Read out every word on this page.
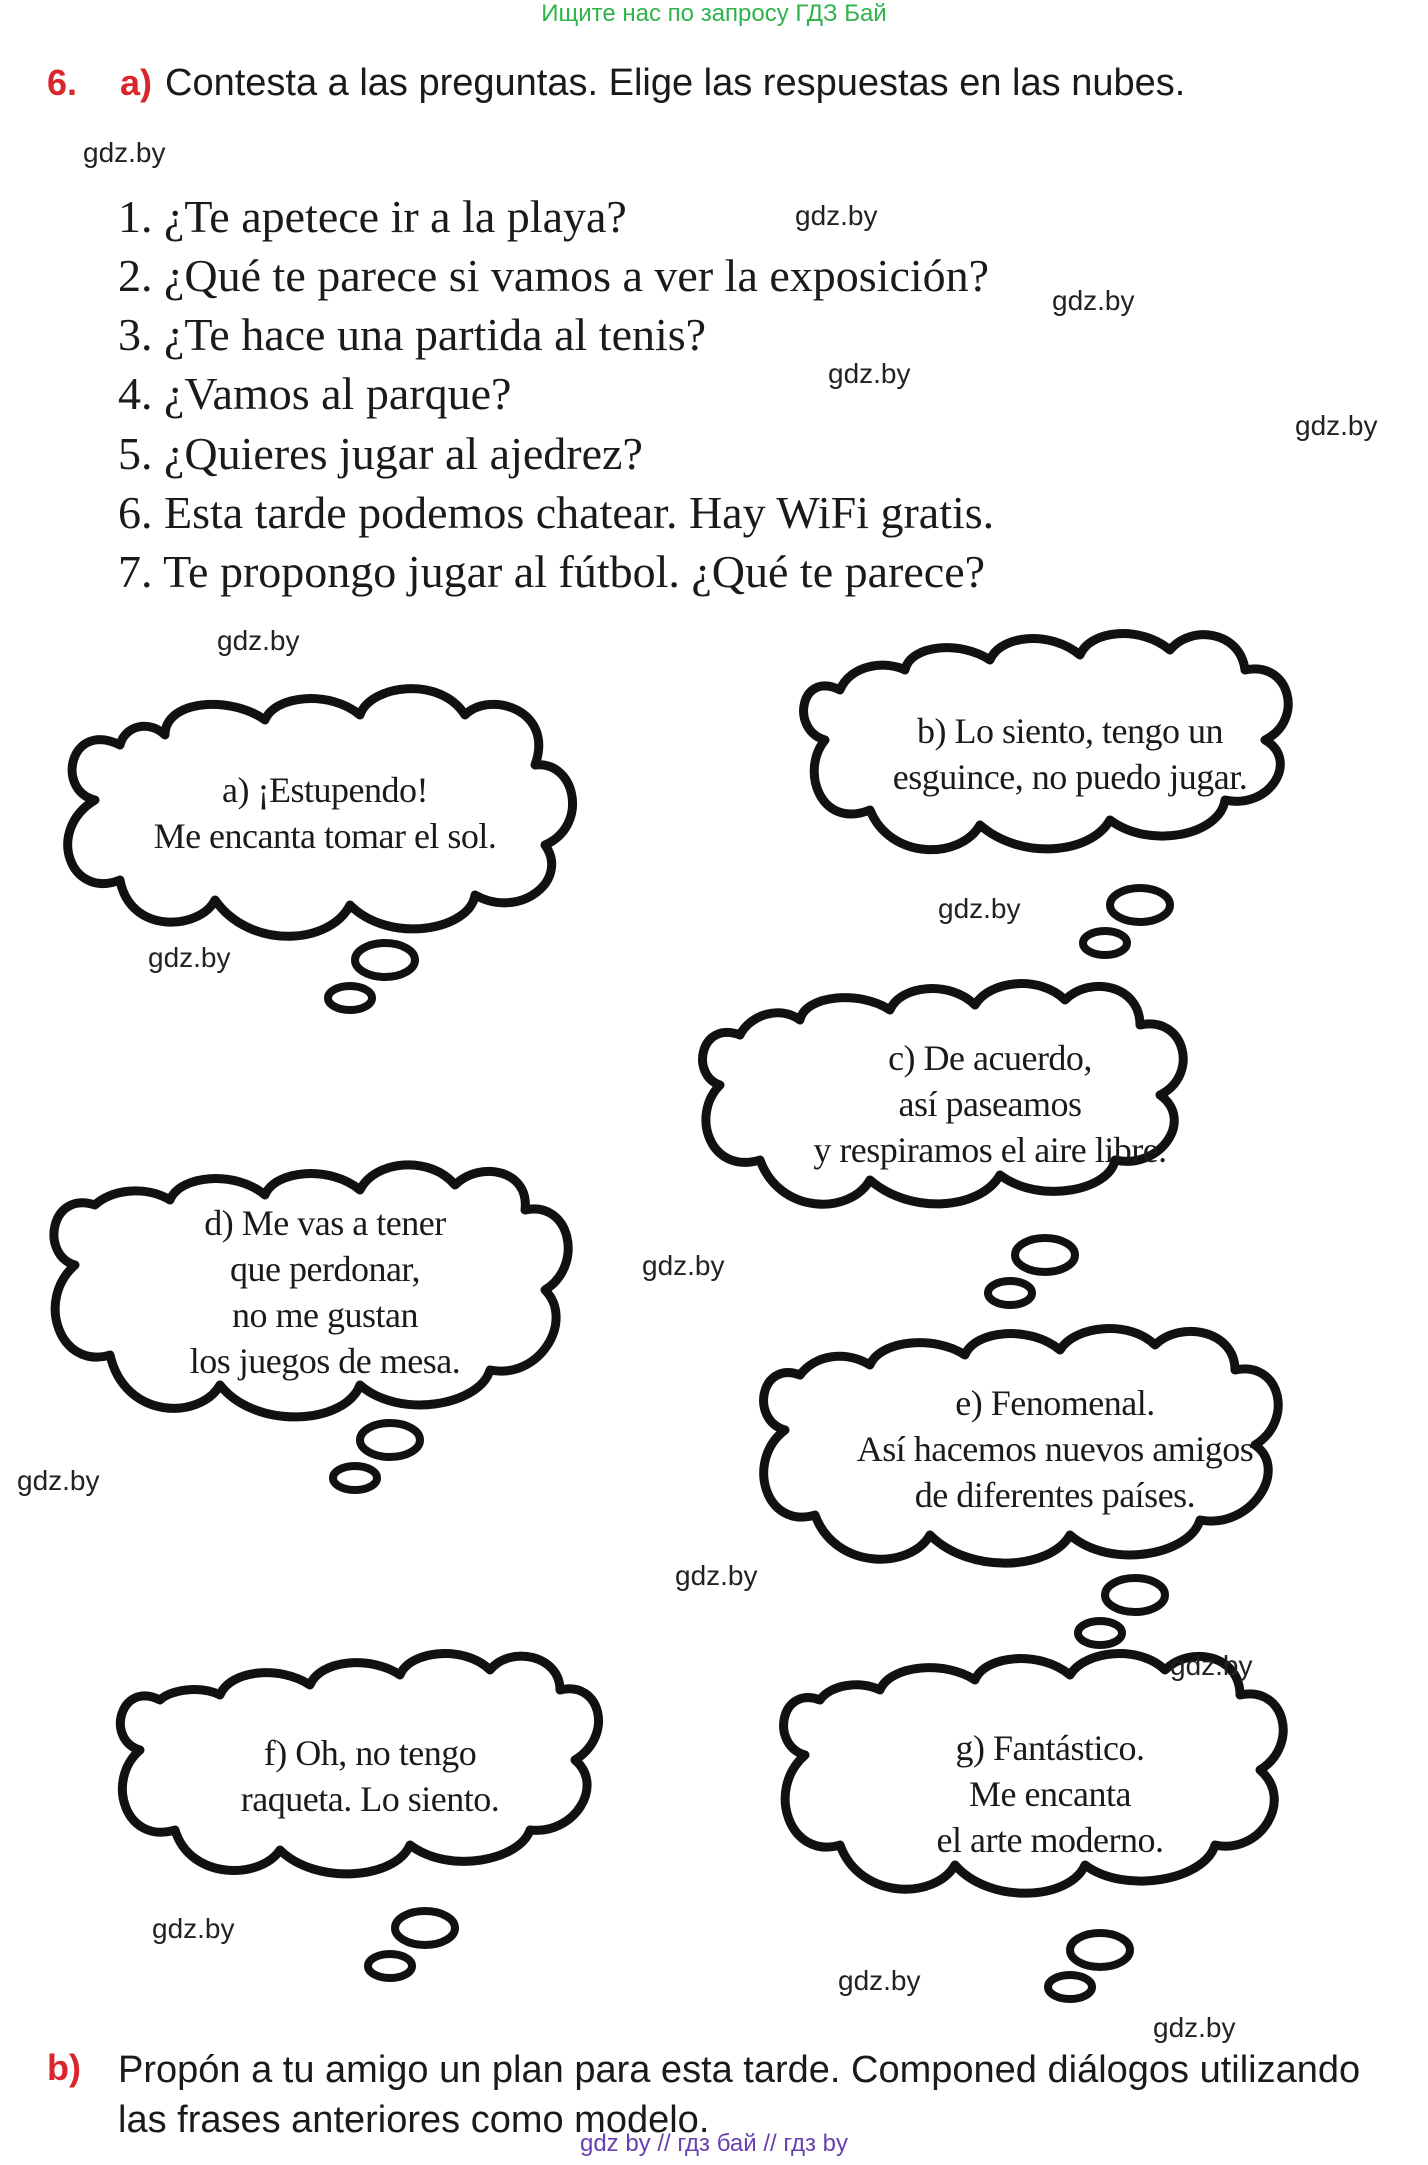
Ищите нас по запросу ГДЗ Бай
6. a) Contesta a las preguntas. Elige las respuestas en las nubes.
1. ¿Te apetece ir a la playa?
2. ¿Qué te parece si vamos a ver la exposición?
3. ¿Te hace una partida al tenis?
4. ¿Vamos al parque?
5. ¿Quieres jugar al ajedrez?
6. Esta tarde podemos chatear. Hay WiFi gratis.
7. Te propongo jugar al fútbol. ¿Qué te parece?
a) ¡Estupendo!
Me encanta tomar el sol.
b) Lo siento, tengo un
esguince, no puedo jugar.
c) De acuerdo,
así paseamos
y respiramos el aire libre.
d) Me vas a tener
que perdonar,
no me gustan
los juegos de mesa.
e) Fenomenal.
Así hacemos nuevos amigos
de diferentes países.
f) Oh, no tengo
raqueta. Lo siento.
g) Fantástico.
Me encanta
el arte moderno.
gdz.by
gdz.by
gdz.by
gdz.by
gdz.by
gdz.by
gdz.by
gdz.by
gdz.by
gdz.by
gdz.by
gdz.by
gdz.by
gdz.by
gdz.by
b) Propón a tu amigo un plan para esta tarde. Componed diálogos utilizando las frases anteriores como modelo.
gdz by // гдз бай // гдз by
